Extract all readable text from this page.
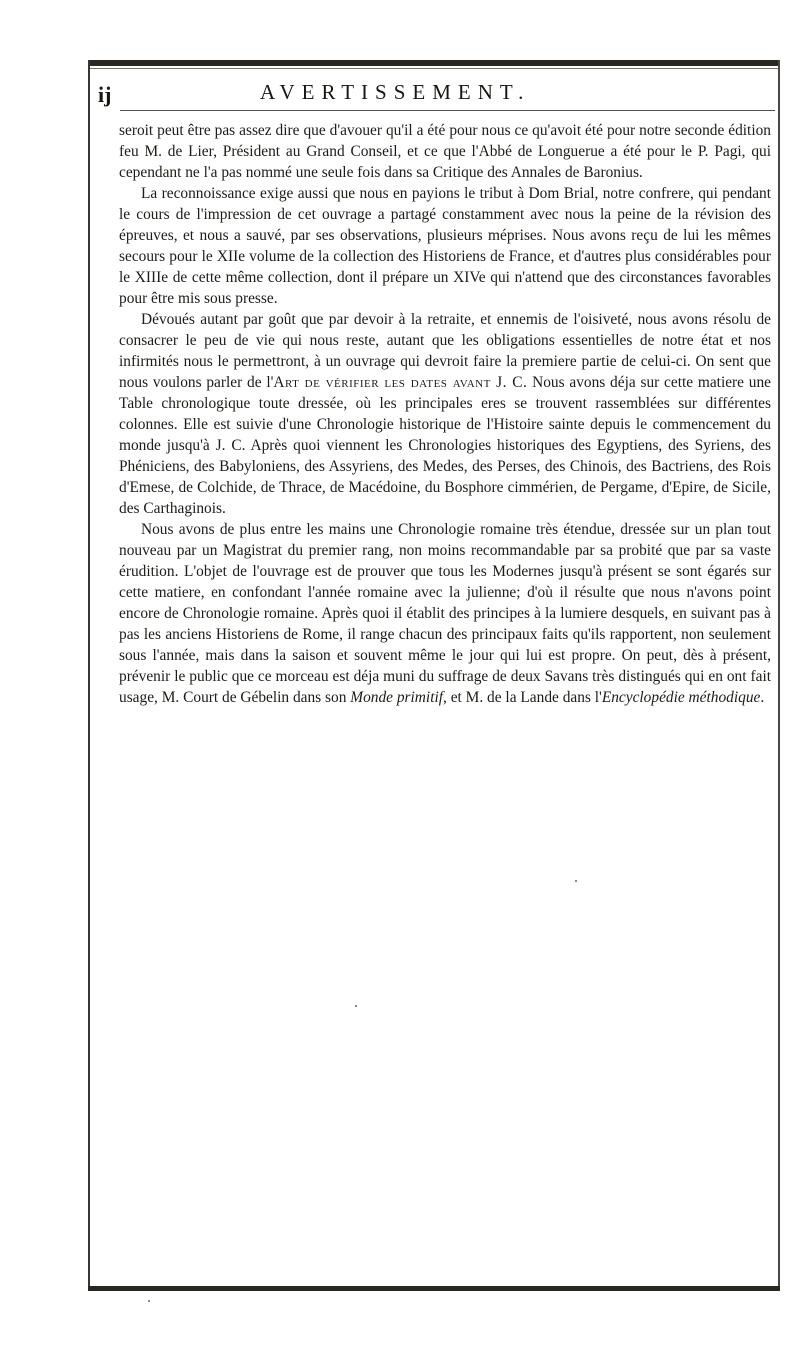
ij	AVERTISSEMENT.

seroit peut être pas assez dire que d'avouer qu'il a été pour nous ce qu'avoit été pour notre seconde édition feu M. de Lier, Président au Grand Conseil, et ce que l'Abbé de Longuerue a été pour le P. Pagi, qui cependant ne l'a pas nommé une seule fois dans sa Critique des Annales de Baronius.

La reconnoissance exige aussi que nous en payions le tribut à Dom Brial, notre confrere, qui pendant le cours de l'impression de cet ouvrage a partagé constamment avec nous la peine de la révision des épreuves, et nous a sauvé, par ses observations, plusieurs méprises. Nous avons reçu de lui les mêmes secours pour le XIIe volume de la collection des Historiens de France, et d'autres plus considérables pour le XIIIe de cette même collection, dont il prépare un XIVe qui n'attend que des circonstances favorables pour être mis sous presse.

Dévoués autant par goût que par devoir à la retraite, et ennemis de l'oisiveté, nous avons résolu de consacrer le peu de vie qui nous reste, autant que les obligations essentielles de notre état et nos infirmités nous le permettront, à un ouvrage qui devroit faire la premiere partie de celui-ci. On sent que nous voulons parler de l'Art de vérifier les dates avant J. C. Nous avons déja sur cette matiere une Table chronologique toute dressée, où les principales eres se trouvent rassemblées sur différentes colonnes. Elle est suivie d'une Chronologie historique de l'Histoire sainte depuis le commencement du monde jusqu'à J. C. Après quoi viennent les Chronologies historiques des Egyptiens, des Syriens, des Phéniciens, des Babyloniens, des Assyriens, des Medes, des Perses, des Chinois, des Bactriens, des Rois d'Emese, de Colchide, de Thrace, de Macédoine, du Bosphore cimmérien, de Pergame, d'Epire, de Sicile, des Carthaginois.

Nous avons de plus entre les mains une Chronologie romaine très étendue, dressée sur un plan tout nouveau par un Magistrat du premier rang, non moins recommandable par sa probité que par sa vaste érudition. L'objet de l'ouvrage est de prouver que tous les Modernes jusqu'à présent se sont égarés sur cette matiere, en confondant l'année romaine avec la julienne; d'où il résulte que nous n'avons point encore de Chronologie romaine. Après quoi il établit des principes à la lumiere desquels, en suivant pas à pas les anciens Historiens de Rome, il range chacun des principaux faits qu'ils rapportent, non seulement sous l'année, mais dans la saison et souvent même le jour qui lui est propre. On peut, dès à présent, prévenir le public que ce morceau est déja muni du suffrage de deux Savans très distingués qui en ont fait usage, M. Court de Gébelin dans son Monde primitif, et M. de la Lande dans l'Encyclopédie méthodique.
